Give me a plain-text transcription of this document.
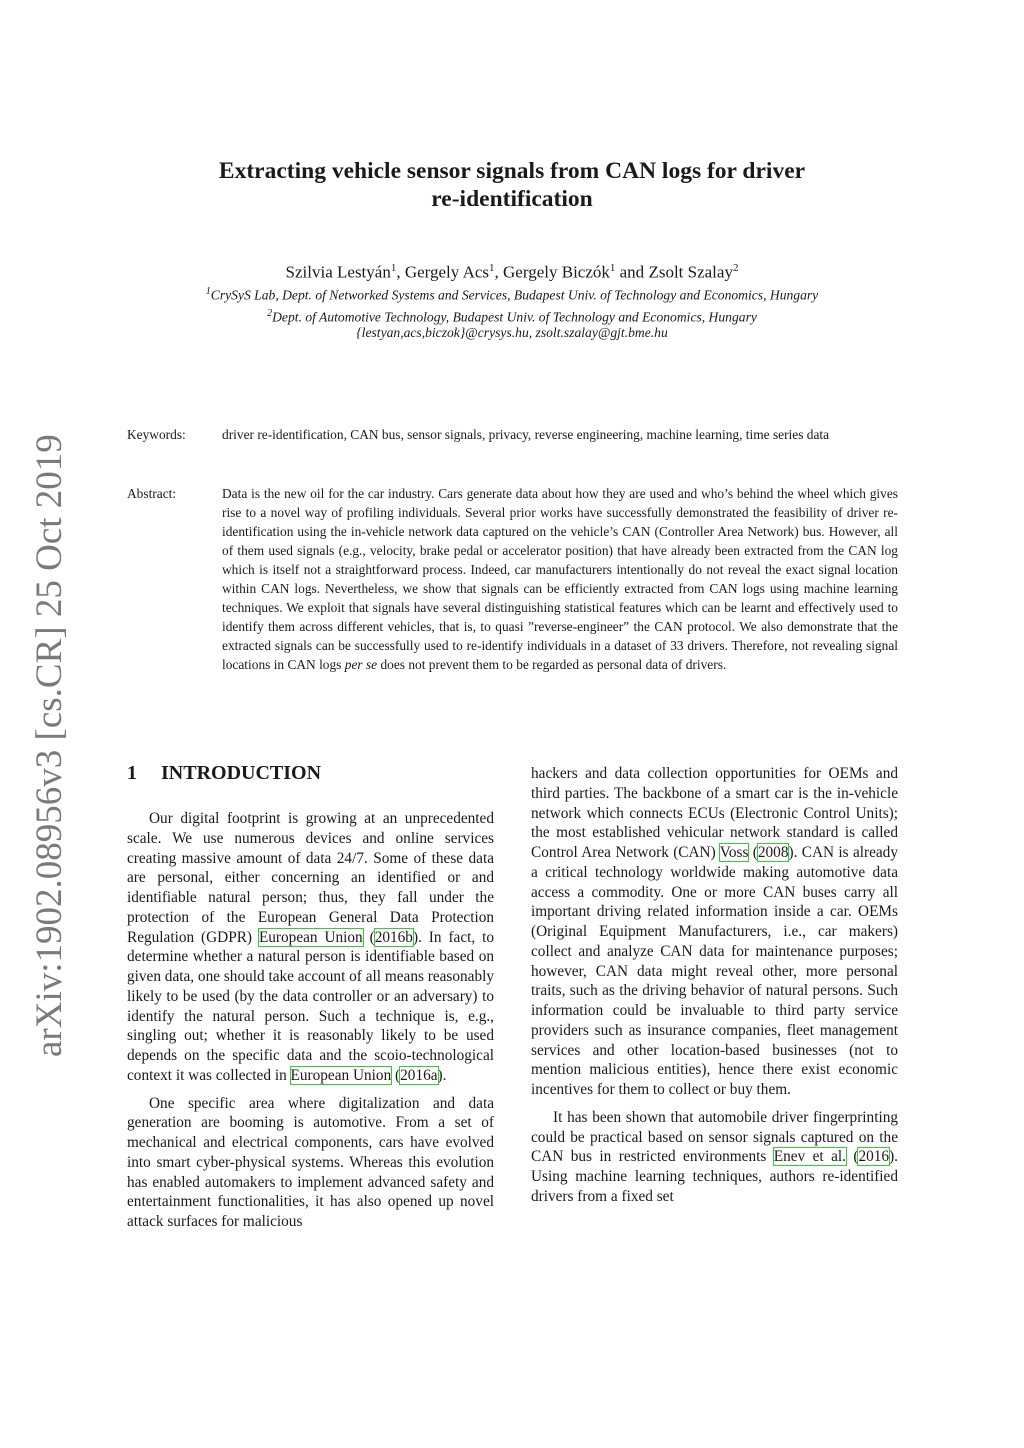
arXiv:1902.08956v3 [cs.CR] 25 Oct 2019
Extracting vehicle sensor signals from CAN logs for driver
re-identification
Szilvia Lestyán$^1$, Gergely Acs$^1$, Gergely Biczók$^1$ and Zsolt Szalay$^2$
$^1$CrySyS Lab, Dept. of Networked Systems and Services, Budapest Univ. of Technology and Economics, Hungary
$^2$Dept. of Automotive Technology, Budapest Univ. of Technology and Economics, Hungary
{lestyan,acs,biczok}@crysys.hu, zsolt.szalay@gjt.bme.hu
Keywords:	driver re-identification, CAN bus, sensor signals, privacy, reverse engineering, machine learning, time series data
Abstract:	Data is the new oil for the car industry. Cars generate data about how they are used and who’s behind the wheel which gives rise to a novel way of profiling individuals. Several prior works have successfully demonstrated the feasibility of driver re-identification using the in-vehicle network data captured on the vehicle’s CAN (Controller Area Network) bus. However, all of them used signals (e.g., velocity, brake pedal or accelerator position) that have already been extracted from the CAN log which is itself not a straightforward process. Indeed, car manufacturers intentionally do not reveal the exact signal location within CAN logs. Nevertheless, we show that signals can be efficiently extracted from CAN logs using machine learning techniques. We exploit that signals have several distinguishing statistical features which can be learnt and effectively used to identify them across different vehicles, that is, to quasi ”reverse-engineer” the CAN protocol. We also demonstrate that the extracted signals can be successfully used to re-identify individuals in a dataset of 33 drivers. Therefore, not revealing signal locations in CAN logs per se does not prevent them to be regarded as personal data of drivers.
1 INTRODUCTION

Our digital footprint is growing at an unprecedented scale. We use numerous devices and online services creating massive amount of data 24/7. Some of these data are personal, either concerning an identified or and identifiable natural person; thus, they fall under the protection of the European General Data Protection Regulation (GDPR) European Union (2016b). In fact, to determine whether a natural person is identifiable based on given data, one should take account of all means reasonably likely to be used (by the data controller or an adversary) to identify the natural person. Such a technique is, e.g., singling out; whether it is reasonably likely to be used depends on the specific data and the scoio-technological context it was collected in European Union (2016a).

One specific area where digitalization and data generation are booming is automotive. From a set of mechanical and electrical components, cars have evolved into smart cyber-physical systems. Whereas this evolution has enabled automakers to implement advanced safety and entertainment functionalities, it has also opened up novel attack surfaces for malicious

hackers and data collection opportunities for OEMs and third parties. The backbone of a smart car is the in-vehicle network which connects ECUs (Electronic Control Units); the most established vehicular network standard is called Control Area Network (CAN) Voss (2008). CAN is already a critical technology worldwide making automotive data access a commodity. One or more CAN buses carry all important driving related information inside a car. OEMs (Original Equipment Manufacturers, i.e., car makers) collect and analyze CAN data for maintenance purposes; however, CAN data might reveal other, more personal traits, such as the driving behavior of natural persons. Such information could be invaluable to third party service providers such as insurance companies, fleet management services and other location-based businesses (not to mention malicious entities), hence there exist economic incentives for them to collect or buy them.

It has been shown that automobile driver fingerprinting could be practical based on sensor signals captured on the CAN bus in restricted environments Enev et al. (2016). Using machine learning techniques, authors re-identified drivers from a fixed set
